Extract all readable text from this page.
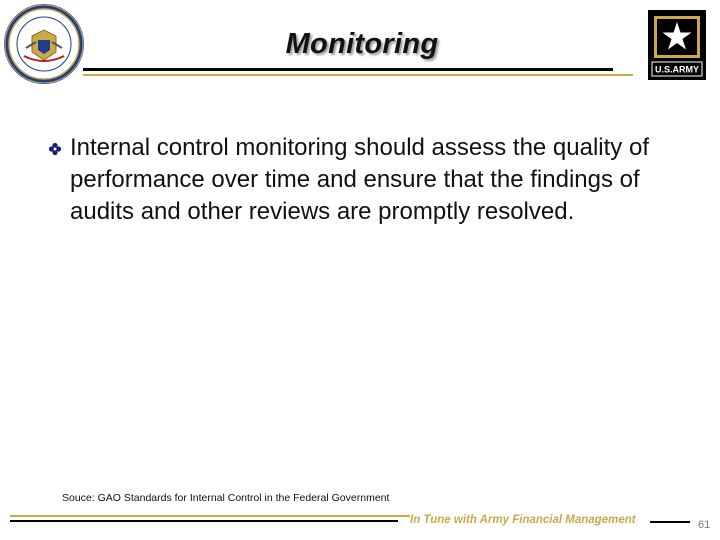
Monitoring
U.S.ARMY
Internal control monitoring should assess the quality of performance over time and ensure that the findings of audits and other reviews are promptly resolved.
Souce: GAO Standards for Internal Control in the Federal Government
In Tune with Army Financial Management	61
